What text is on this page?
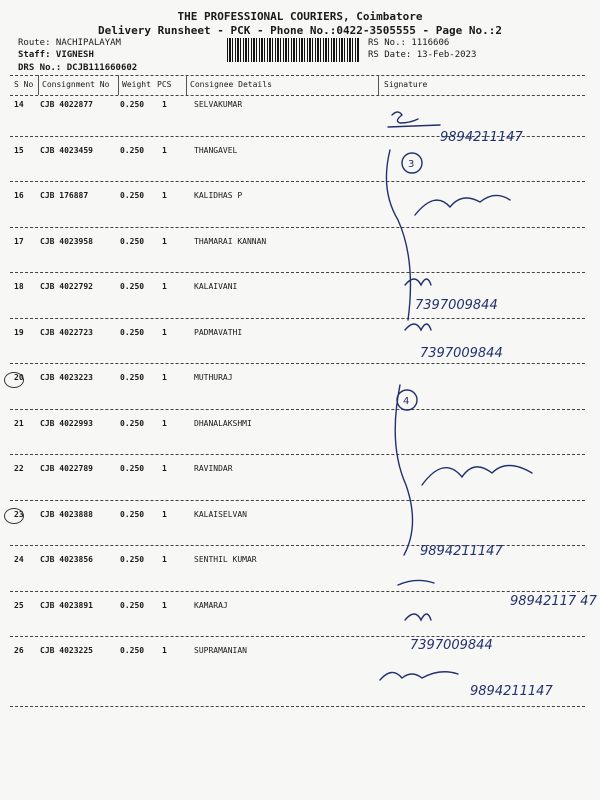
THE PROFESSIONAL COURIERS, Coimbatore
Delivery Runsheet - PCK - Phone No.:0422-3505555 - Page No.:2
Route: NACHIPALAYAM
Staff: VIGNESH
DRS No.: DCJB111660602
RS No.: 1116606
RS Date: 13-Feb-2023
S No Consignment No Weight PCS Consignee Details	Signature
14 CJB 4022877	0.250 1	SELVAKUMAR
15 CJB 4023459	0.250 1	THANGAVEL
16 CJB 176887	0.250 1	KALIDHAS P
17 CJB 4023958	0.250 1	THAMARAI KANNAN
18 CJB 4022792	0.250 1	KALAIVANI
19 CJB 4022723	0.250 1	PADMAVATHI
20 CJB 4023223	0.250 1	MUTHURAJ
21 CJB 4022993	0.250 1	DHANALAKSHMI
22 CJB 4022789	0.250 1	RAVINDAR
23 CJB 4023888	0.250 1	KALAISELVAN
24 CJB 4023856	0.250 1	SENTHIL KUMAR
25 CJB 4023891	0.250 1	KAMARAJ
26 CJB 4023225	0.250 1	SUPRAMANIAN
9894211147
7397009844
7397009844
9894211147
98942117 47
7397009844
9894211147
3
4
